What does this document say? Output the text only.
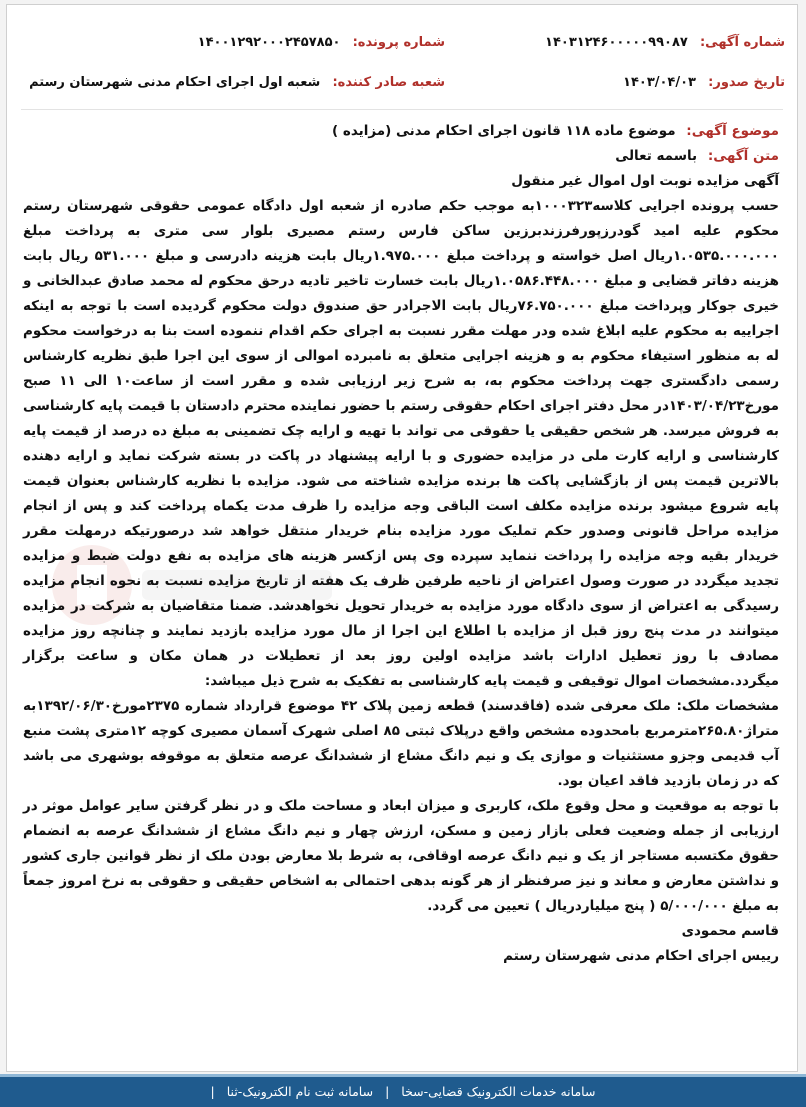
شماره آگهی: ۱۴۰۳۱۲۴۶۰۰۰۰۰۹۹۰۸۷
شماره پرونده: ۱۴۰۰۱۲۹۲۰۰۰۲۴۵۷۸۵۰
تاریخ صدور: ۱۴۰۳/۰۴/۰۳
شعبه صادر کننده: شعبه اول اجرای احکام مدنی شهرستان رستم

موضوع آگهی: موضوع ماده ۱۱۸ قانون اجرای احکام مدنی (مزایده )

متن آگهی: باسمه تعالی

آگهی مزایده نوبت اول اموال غیر منقول

حسب پرونده اجرایی کلاسه۱۰۰۰۳۲۳به موجب حکم صادره از شعبه اول دادگاه عمومی حقوقی شهرستان رستم محکوم علیه امید گودرزپورفرزندبرزین ساکن فارس رستم مصیری بلوار سی متری به پرداخت مبلغ ۱.۰۵۳۵.۰۰۰.۰۰۰ریال اصل خواسته و پرداخت مبلغ ۱.۹۷۵.۰۰۰ریال بابت هزینه دادرسی و مبلغ ۵۳۱.۰۰۰ ریال بابت هزینه دفاتر قضایی و مبلغ ۱.۰۵۸۶.۴۴۸.۰۰۰ریال بابت خسارت تاخیر تادیه درحق محکوم له محمد صادق عبدالخانی و خیری جوکار وپرداخت مبلغ ۷۶.۷۵۰.۰۰۰ریال بابت الاجرادر حق صندوق دولت محکوم گردیده است با توجه به اینکه اجراییه به محکوم علیه ابلاغ شده ودر مهلت مقرر نسبت به اجرای حکم اقدام ننموده است بنا به درخواست محکوم له به منظور استیفاء محکوم به و هزینه اجرایی متعلق به نامبرده اموالی از سوی این اجرا طبق نظریه کارشناس رسمی دادگستری جهت پرداخت محکوم به، به شرح زیر ارزیابی شده و مقرر است از ساعت۱۰ الی ۱۱ صبح مورخ۱۴۰۳/۰۴/۲۳در محل دفتر اجرای احکام حقوقی رستم با حضور نماینده محترم دادستان با قیمت پایه کارشناسی به فروش میرسد. هر شخص حقیقی یا حقوقی می تواند با تهیه و ارایه چک تضمینی به مبلغ ده درصد از قیمت پایه کارشناسی و ارایه کارت ملی در مزایده حضوری و با ارایه پیشنهاد در پاکت در بسته شرکت نماید و ارایه دهنده بالاترین قیمت پس از بازگشایی پاکت ها برنده مزایده شناخته می شود. مزایده با نظریه کارشناس بعنوان قیمت پایه شروع میشود برنده مزایده مکلف است الباقی وجه مزایده را ظرف مدت یکماه پرداخت کند و پس از انجام مزایده مراحل قانونی وصدور حکم تملیک مورد مزایده بنام خریدار منتقل خواهد شد درصورتیکه درمهلت مقرر خریدار بقیه وجه مزایده را پرداخت ننماید سپرده وی پس ازکسر هزینه های مزایده به نفع دولت ضبط و مزایده تجدید میگردد در صورت وصول اعتراض از ناحیه طرفین ظرف یک هفته از تاریخ مزایده نسبت به نحوه انجام مزایده رسیدگی به اعتراض از سوی دادگاه مورد مزایده به خریدار تحویل نخواهدشد. ضمنا متقاضیان به شرکت در مزایده میتوانند در مدت پنج روز قبل از مزایده با اطلاع این اجرا از مال مورد مزایده بازدید نمایند و چنانچه روز مزایده مصادف با روز تعطیل ادارات باشد مزایده اولین روز بعد از تعطیلات در همان مکان و ساعت برگزار میگردد.مشخصات اموال توقیفی و قیمت پایه کارشناسی به تفکیک به شرح ذیل میباشد:

مشخصات ملک: ملک معرفی شده (فاقدسند) قطعه زمین پلاک ۴۲ موضوع قرارداد شماره ۲۳۷۵مورخ۱۳۹۲/۰۶/۳۰به متراژ۲۶۵.۸۰مترمربع بامحدوده مشخص واقع درپلاک ثبتی ۸۵ اصلی شهرک آسمان مصیری کوچه ۱۲متری پشت منبع آب قدیمی وجزو مستثنیات و موازی یک و نیم دانگ مشاع از ششدانگ عرصه متعلق به موقوفه بوشهری می باشد که در زمان بازدید فاقد اعیان بود.

با توجه به موقعیت و محل وقوع ملک، کاربری و میزان ابعاد و مساحت ملک و در نظر گرفتن سایر عوامل موثر در ارزیابی از جمله وضعیت فعلی بازار زمین و مسکن، ارزش چهار و نیم دانگ مشاع از ششدانگ عرصه به انضمام حقوق مکتسبه مستاجر از یک و نیم دانگ عرصه اوقافی، به شرط بلا معارض بودن ملک از نظر قوانین جاری کشور و نداشتن معارض و معاند و نیز صرفنظر از هر گونه بدهی احتمالی به اشخاص حقیقی و حقوقی به نرخ امروز جمعاً به مبلغ ۵/۰۰۰/۰۰۰ ( پنج میلیاردریال ) تعیین می گردد.

قاسم محمودی

رییس اجرای احکام مدنی شهرستان رستم

سامانه خدمات الکترونیک قضایی-سخا | سامانه ثبت نام الکترونیک-ثنا |
